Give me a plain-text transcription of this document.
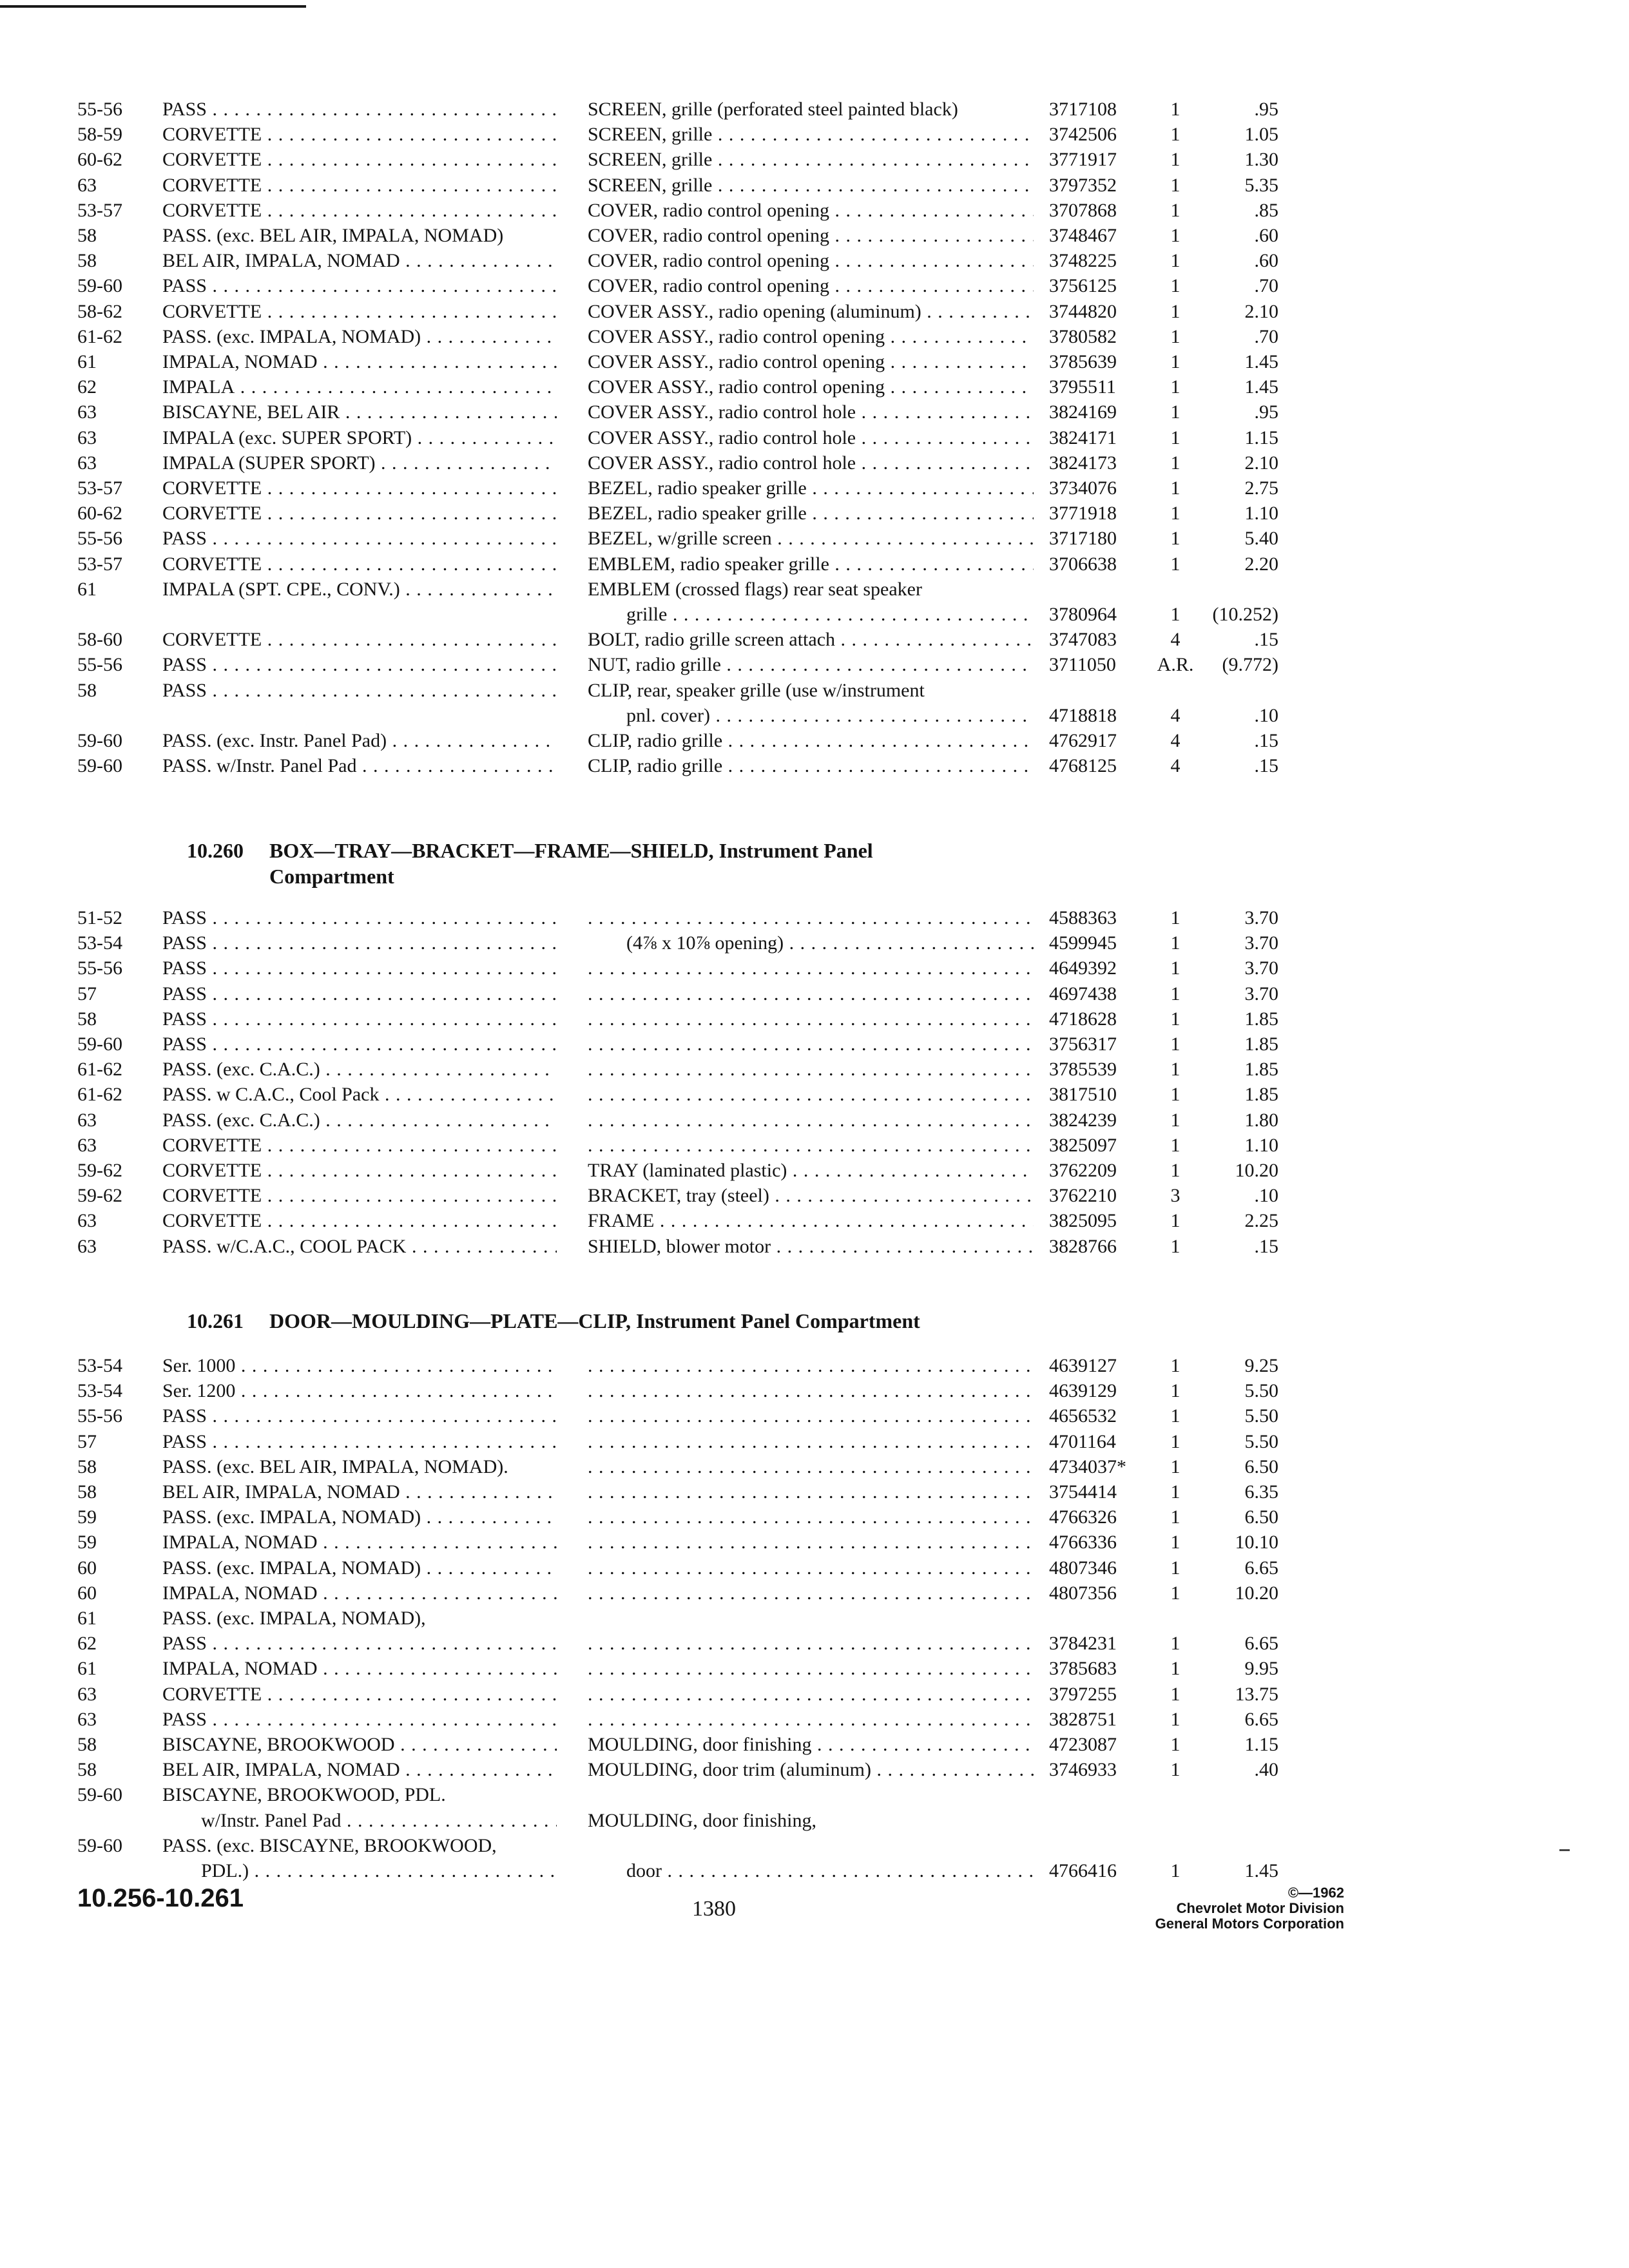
55-56	PASS . . .	SCREEN, grille (perforated steel painted black)	3717108	1	.95
58-59	CORVETTE . . .	SCREEN, grille . . .	3742506	1	1.05
60-62	CORVETTE . . .	SCREEN, grille . . .	3771917	1	1.30
63	CORVETTE . . .	SCREEN, grille . . .	3797352	1	5.35
53-57	CORVETTE . . .	COVER, radio control opening . . .	3707868	1	.85
58	PASS. (exc. BEL AIR, IMPALA, NOMAD)	COVER, radio control opening . . .	3748467	1	.60
58	BEL AIR, IMPALA, NOMAD . . .	COVER, radio control opening . . .	3748225	1	.60
59-60	PASS . . .	COVER, radio control opening . . .	3756125	1	.70
58-62	CORVETTE . . .	COVER ASSY., radio opening (aluminum) . . .	3744820	1	2.10
61-62	PASS. (exc. IMPALA, NOMAD) . . .	COVER ASSY., radio control opening . . .	3780582	1	.70
61	IMPALA, NOMAD . . .	COVER ASSY., radio control opening . . .	3785639	1	1.45
62	IMPALA . . .	COVER ASSY., radio control opening . . .	3795511	1	1.45
63	BISCAYNE, BEL AIR . . .	COVER ASSY., radio control hole . . .	3824169	1	.95
63	IMPALA (exc. SUPER SPORT) . . .	COVER ASSY., radio control hole . . .	3824171	1	1.15
63	IMPALA (SUPER SPORT) . . .	COVER ASSY., radio control hole . . .	3824173	1	2.10
53-57	CORVETTE . . .	BEZEL, radio speaker grille . . .	3734076	1	2.75
60-62	CORVETTE . . .	BEZEL, radio speaker grille . . .	3771918	1	1.10
55-56	PASS . . .	BEZEL, w/grille screen . . .	3717180	1	5.40
53-57	CORVETTE . . .	EMBLEM, radio speaker grille . . .	3706638	1	2.20
61	IMPALA (SPT. CPE., CONV.) . . .	EMBLEM (crossed flags) rear seat speaker
grille . . .	3780964	1	(10.252)
58-60	CORVETTE . . .	BOLT, radio grille screen attach . . .	3747083	4	.15
55-56	PASS . . .	NUT, radio grille . . .	3711050	A.R.	(9.772)
58	PASS . . .	CLIP, rear, speaker grille (use w/instrument
pnl. cover) . . .	4718818	4	.10
59-60	PASS. (exc. Instr. Panel Pad) . . .	CLIP, radio grille . . .	4762917	4	.15
59-60	PASS. w/Instr. Panel Pad . . .	CLIP, radio grille . . .	4768125	4	.15
10.260 BOX—TRAY—BRACKET—FRAME—SHIELD, Instrument Panel
Compartment
51-52	PASS . . . . . .	4588363	1	3.70
53-54	PASS . . .	(4⅞ x 10⅞ opening) . . .	4599945	1	3.70
55-56	PASS . . . . . .	4649392	1	3.70
57	PASS . . . . . .	4697438	1	3.70
58	PASS . . . . . .	4718628	1	1.85
59-60	PASS . . . . . .	3756317	1	1.85
61-62	PASS. (exc. C.A.C.) . . . . . .	3785539	1	1.85
61-62	PASS. w C.A.C., Cool Pack . . . . . .	3817510	1	1.85
63	PASS. (exc. C.A.C.) . . . . . .	3824239	1	1.80
63	CORVETTE . . . . . .	3825097	1	1.10
59-62	CORVETTE . . .	TRAY (laminated plastic) . . .	3762209	1	10.20
59-62	CORVETTE . . .	BRACKET, tray (steel) . . .	3762210	3	.10
63	CORVETTE . . .	FRAME . . .	3825095	1	2.25
63	PASS. w/C.A.C., COOL PACK . . .	SHIELD, blower motor . . .	3828766	1	.15
10.261 DOOR—MOULDING—PLATE—CLIP, Instrument Panel Compartment
53-54	Ser. 1000 . . . . . .	4639127	1	9.25
53-54	Ser. 1200 . . . . . .	4639129	1	5.50
55-56	PASS . . . . . .	4656532	1	5.50
57	PASS . . . . . .	4701164	1	5.50
58	PASS. (exc. BEL AIR, IMPALA, NOMAD). . . .	4734037*	1	6.50
58	BEL AIR, IMPALA, NOMAD . . . . . .	3754414	1	6.35
59	PASS. (exc. IMPALA, NOMAD) . . . . . .	4766326	1	6.50
59	IMPALA, NOMAD . . . . . .	4766336	1	10.10
60	PASS. (exc. IMPALA, NOMAD) . . . . . .	4807346	1	6.65
60	IMPALA, NOMAD . . . . . .	4807356	1	10.20
61	PASS. (exc. IMPALA, NOMAD),
62	PASS . . . . . .	3784231	1	6.65
61	IMPALA, NOMAD . . . . . .	3785683	1	9.95
63	CORVETTE . . . . . .	3797255	1	13.75
63	PASS . . . . . .	3828751	1	6.65
58	BISCAYNE, BROOKWOOD . . .	MOULDING, door finishing . . .	4723087	1	1.15
58	BEL AIR, IMPALA, NOMAD . . .	MOULDING, door trim (aluminum) . . .	3746933	1	.40
59-60	BISCAYNE, BROOKWOOD, PDL.
w/Instr. Panel Pad . . .	MOULDING, door finishing,
59-60	PASS. (exc. BISCAYNE, BROOKWOOD,
PDL.) . . .	door . . .	4766416	1	1.45
10.256-10.261	1380
©—1962
Chevrolet Motor Division
General Motors Corporation
